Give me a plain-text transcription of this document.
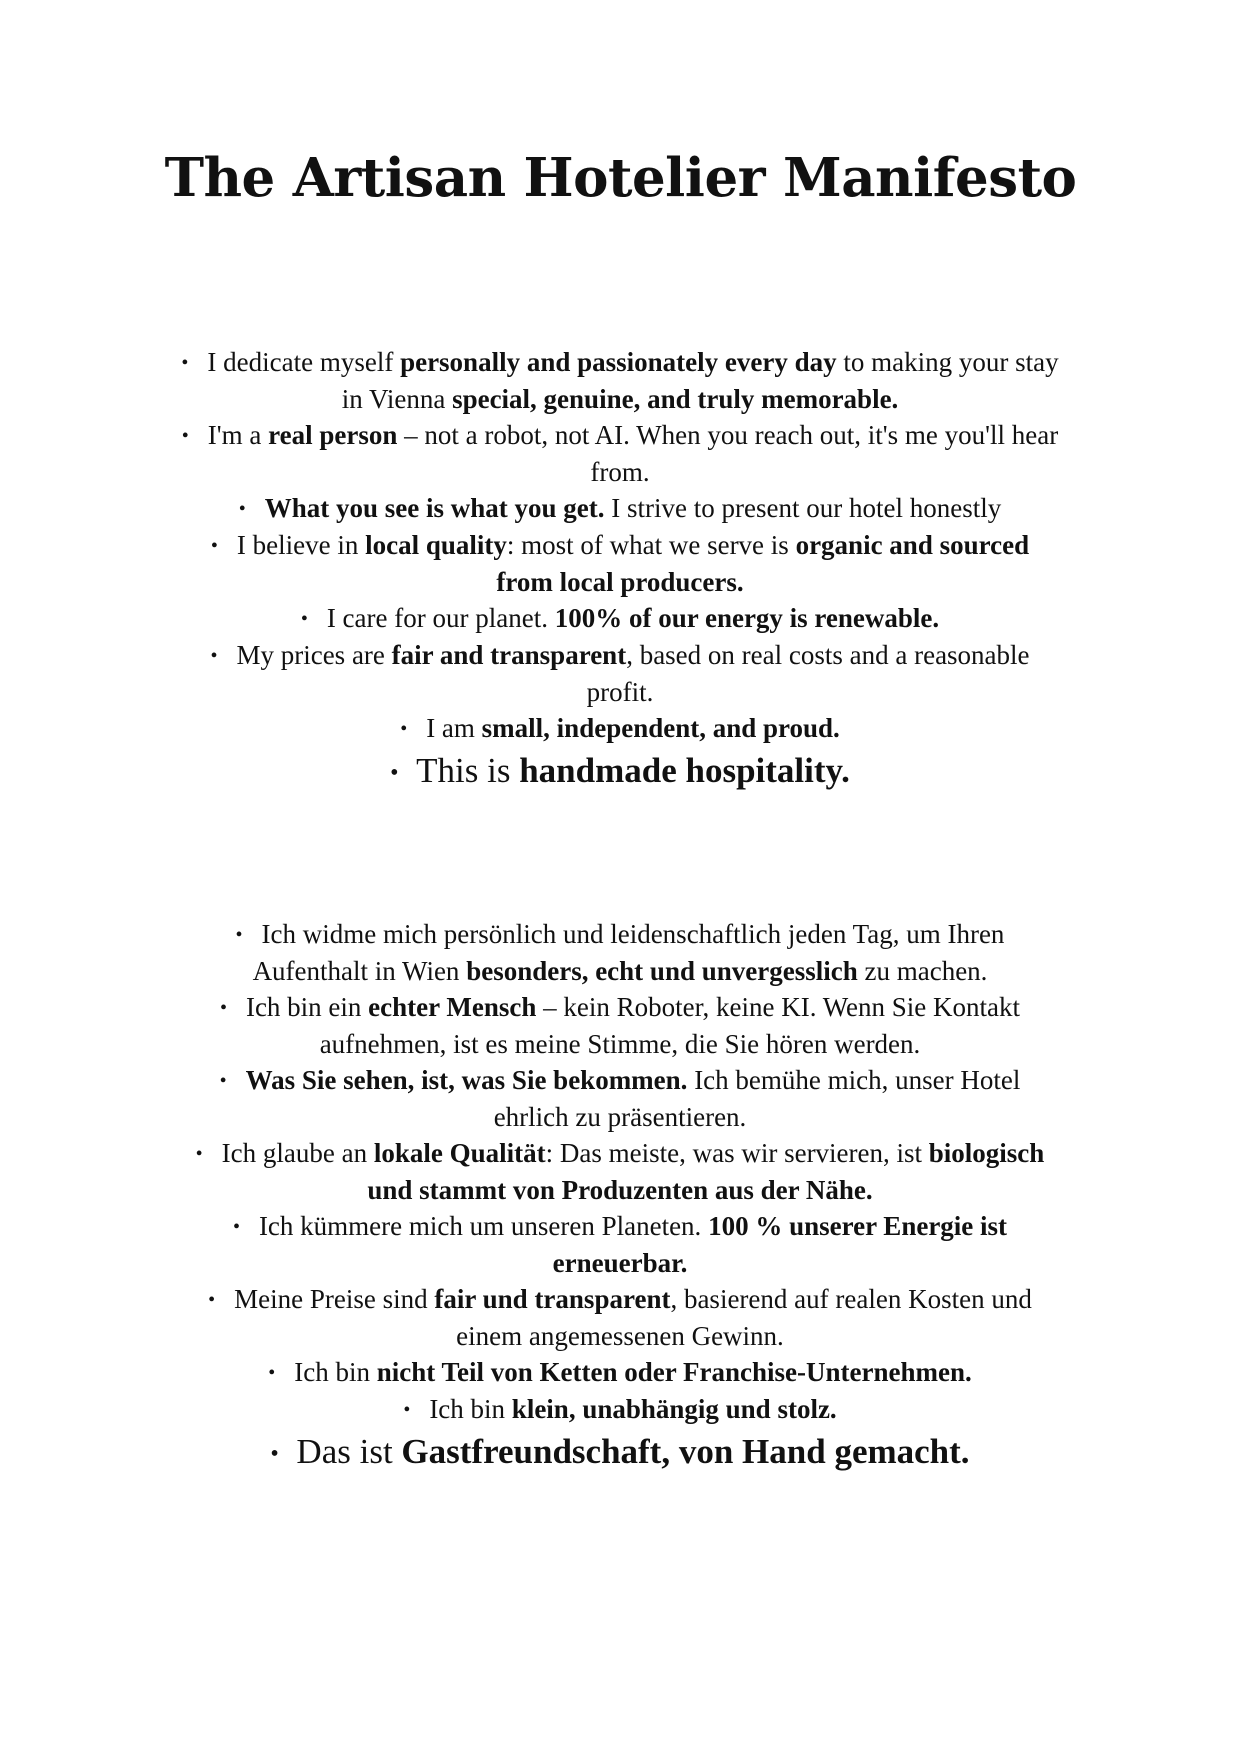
The Artisan Hotelier Manifesto
• I dedicate myself personally and passionately every day to making your stay in Vienna special, genuine, and truly memorable.
• I'm a real person – not a robot, not AI. When you reach out, it's me you'll hear from.
• What you see is what you get. I strive to present our hotel honestly
• I believe in local quality: most of what we serve is organic and sourced from local producers.
• I care for our planet. 100% of our energy is renewable.
• My prices are fair and transparent, based on real costs and a reasonable profit.
• I am small, independent, and proud.
• This is handmade hospitality.
• Ich widme mich persönlich und leidenschaftlich jeden Tag, um Ihren Aufenthalt in Wien besonders, echt und unvergesslich zu machen.
• Ich bin ein echter Mensch – kein Roboter, keine KI. Wenn Sie Kontakt aufnehmen, ist es meine Stimme, die Sie hören werden.
• Was Sie sehen, ist, was Sie bekommen. Ich bemühe mich, unser Hotel ehrlich zu präsentieren.
• Ich glaube an lokale Qualität: Das meiste, was wir servieren, ist biologisch und stammt von Produzenten aus der Nähe.
• Ich kümmere mich um unseren Planeten. 100 % unserer Energie ist erneuerbar.
• Meine Preise sind fair und transparent, basierend auf realen Kosten und einem angemessenen Gewinn.
• Ich bin nicht Teil von Ketten oder Franchise-Unternehmen.
• Ich bin klein, unabhängig und stolz.
• Das ist Gastfreundschaft, von Hand gemacht.
